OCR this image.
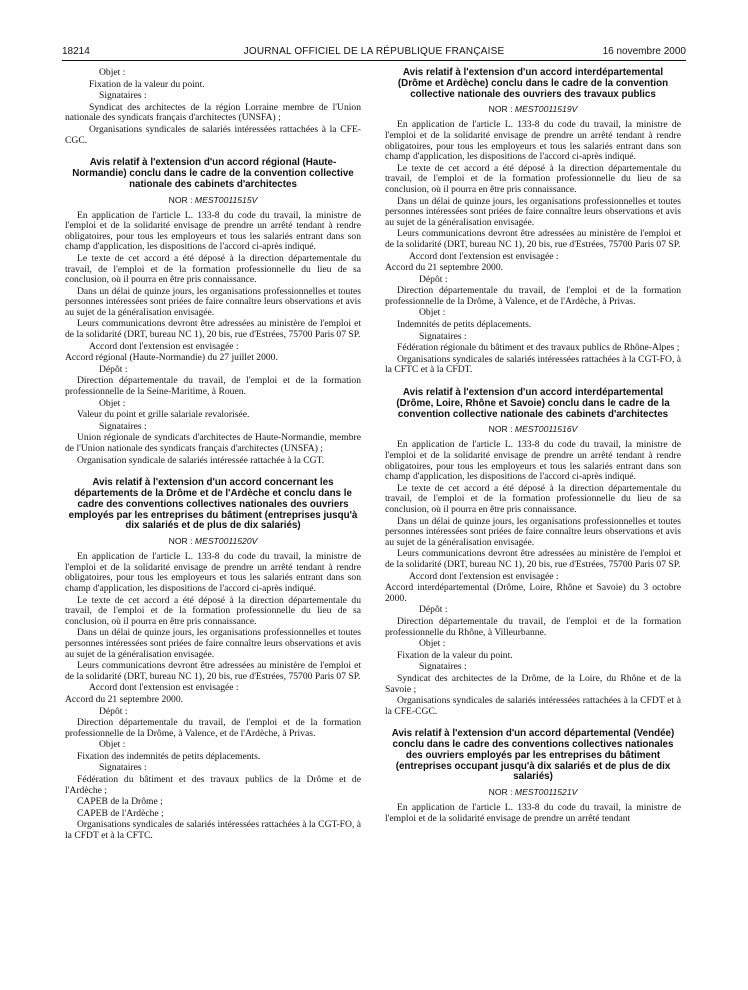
18214	JOURNAL OFFICIEL DE LA RÉPUBLIQUE FRANÇAISE	16 novembre 2000

Objet :

Fixation de la valeur du point.

Signataires :

Syndicat des architectes de la région Lorraine membre de l'Union nationale des syndicats français d'architectes (UNSFA) ;

Organisations syndicales de salariés intéressées rattachées à la CFE-CGC.

Avis relatif à l'extension d'un accord régional (Haute-Normandie) conclu dans le cadre de la convention collective nationale des cabinets d'architectes
NOR : MEST0011515V

En application de l'article L. 133-8 du code du travail, la ministre de l'emploi et de la solidarité envisage de prendre un arrêté tendant à rendre obligatoires, pour tous les employeurs et tous les salariés entrant dans son champ d'application, les dispositions de l'accord ci-après indiqué.

Le texte de cet accord a été déposé à la direction départementale du travail, de l'emploi et de la formation professionnelle du lieu de sa conclusion, où il pourra en être pris connaissance.

Dans un délai de quinze jours, les organisations professionnelles et toutes personnes intéressées sont priées de faire connaître leurs observations et avis au sujet de la généralisation envisagée.

Leurs communications devront être adressées au ministère de l'emploi et de la solidarité (DRT, bureau NC 1), 20 bis, rue d'Estrées, 75700 Paris 07 SP.

Accord dont l'extension est envisagée :

Accord régional (Haute-Normandie) du 27 juillet 2000.

Dépôt :

Direction départementale du travail, de l'emploi et de la formation professionnelle de la Seine-Maritime, à Rouen.

Objet :

Valeur du point et grille salariale revalorisée.

Signataires :

Union régionale de syndicats d'architectes de Haute-Normandie, membre de l'Union nationale des syndicats français d'architectes (UNSFA) ;

Organisation syndicale de salariés intéressée rattachée à la CGT.

Avis relatif à l'extension d'un accord concernant les départements de la Drôme et de l'Ardèche et conclu dans le cadre des conventions collectives nationales des ouvriers employés par les entreprises du bâtiment (entreprises jusqu'à dix salariés et de plus de dix salariés)
NOR : MEST0011520V

En application de l'article L. 133-8 du code du travail, la ministre de l'emploi et de la solidarité envisage de prendre un arrêté tendant à rendre obligatoires, pour tous les employeurs et tous les salariés entrant dans son champ d'application, les dispositions de l'accord ci-après indiqué.

Le texte de cet accord a été déposé à la direction départementale du travail, de l'emploi et de la formation professionnelle du lieu de sa conclusion, où il pourra en être pris connaissance.

Dans un délai de quinze jours, les organisations professionnelles et toutes personnes intéressées sont priées de faire connaître leurs observations et avis au sujet de la généralisation envisagée.

Leurs communications devront être adressées au ministère de l'emploi et de la solidarité (DRT, bureau NC 1), 20 bis, rue d'Estrées, 75700 Paris 07 SP.

Accord dont l'extension est envisagée :

Accord du 21 septembre 2000.

Dépôt :

Direction départementale du travail, de l'emploi et de la formation professionnelle de la Drôme, à Valence, et de l'Ardèche, à Privas.

Objet :

Fixation des indemnités de petits déplacements.

Signataires :

Fédération du bâtiment et des travaux publics de la Drôme et de l'Ardèche ;

CAPEB de la Drôme ;

CAPEB de l'Ardèche ;

Organisations syndicales de salariés intéressées rattachées à la CGT-FO, à la CFDT et à la CFTC.

Avis relatif à l'extension d'un accord interdépartemental (Drôme et Ardèche) conclu dans le cadre de la convention collective nationale des ouvriers des travaux publics
NOR : MEST0011519V

En application de l'article L. 133-8 du code du travail, la ministre de l'emploi et de la solidarité envisage de prendre un arrêté tendant à rendre obligatoires, pour tous les employeurs et tous les salariés entrant dans son champ d'application, les dispositions de l'accord ci-après indiqué.

Le texte de cet accord a été déposé à la direction départementale du travail, de l'emploi et de la formation professionnelle du lieu de sa conclusion, où il pourra en être pris connaissance.

Dans un délai de quinze jours, les organisations professionnelles et toutes personnes intéressées sont priées de faire connaître leurs observations et avis au sujet de la généralisation envisagée.

Leurs communications devront être adressées au ministère de l'emploi et de la solidarité (DRT, bureau NC 1), 20 bis, rue d'Estrées, 75700 Paris 07 SP.

Accord dont l'extension est envisagée :

Accord du 21 septembre 2000.

Dépôt :

Direction départementale du travail, de l'emploi et de la formation professionnelle de la Drôme, à Valence, et de l'Ardèche, à Privas.

Objet :

Indemnités de petits déplacements.

Signataires :

Fédération régionale du bâtiment et des travaux publics de Rhône-Alpes ;

Organisations syndicales de salariés intéressées rattachées à la CGT-FO, à la CFTC et à la CFDT.

Avis relatif à l'extension d'un accord interdépartemental (Drôme, Loire, Rhône et Savoie) conclu dans le cadre de la convention collective nationale des cabinets d'architectes
NOR : MEST0011516V

En application de l'article L. 133-8 du code du travail, la ministre de l'emploi et de la solidarité envisage de prendre un arrêté tendant à rendre obligatoires, pour tous les employeurs et tous les salariés entrant dans son champ d'application, les dispositions de l'accord ci-après indiqué.

Le texte de cet accord a été déposé à la direction départementale du travail, de l'emploi et de la formation professionnelle du lieu de sa conclusion, où il pourra en être pris connaissance.

Dans un délai de quinze jours, les organisations professionnelles et toutes personnes intéressées sont priées de faire connaître leurs observations et avis au sujet de la généralisation envisagée.

Leurs communications devront être adressées au ministère de l'emploi et de la solidarité (DRT, bureau NC 1), 20 bis, rue d'Estrées, 75700 Paris 07 SP.

Accord dont l'extension est envisagée :

Accord interdépartemental (Drôme, Loire, Rhône et Savoie) du 3 octobre 2000.

Dépôt :

Direction départementale du travail, de l'emploi et de la formation professionnelle du Rhône, à Villeurbanne.

Objet :

Fixation de la valeur du point.

Signataires :

Syndicat des architectes de la Drôme, de la Loire, du Rhône et de la Savoie ;

Organisations syndicales de salariés intéressées rattachées à la CFDT et à la CFE-CGC.

Avis relatif à l'extension d'un accord départemental (Vendée) conclu dans le cadre des conventions collectives nationales des ouvriers employés par les entreprises du bâtiment (entreprises occupant jusqu'à dix salariés et de plus de dix salariés)
NOR : MEST0011521V

En application de l'article L. 133-8 du code du travail, la ministre de l'emploi et de la solidarité envisage de prendre un arrêté tendant
